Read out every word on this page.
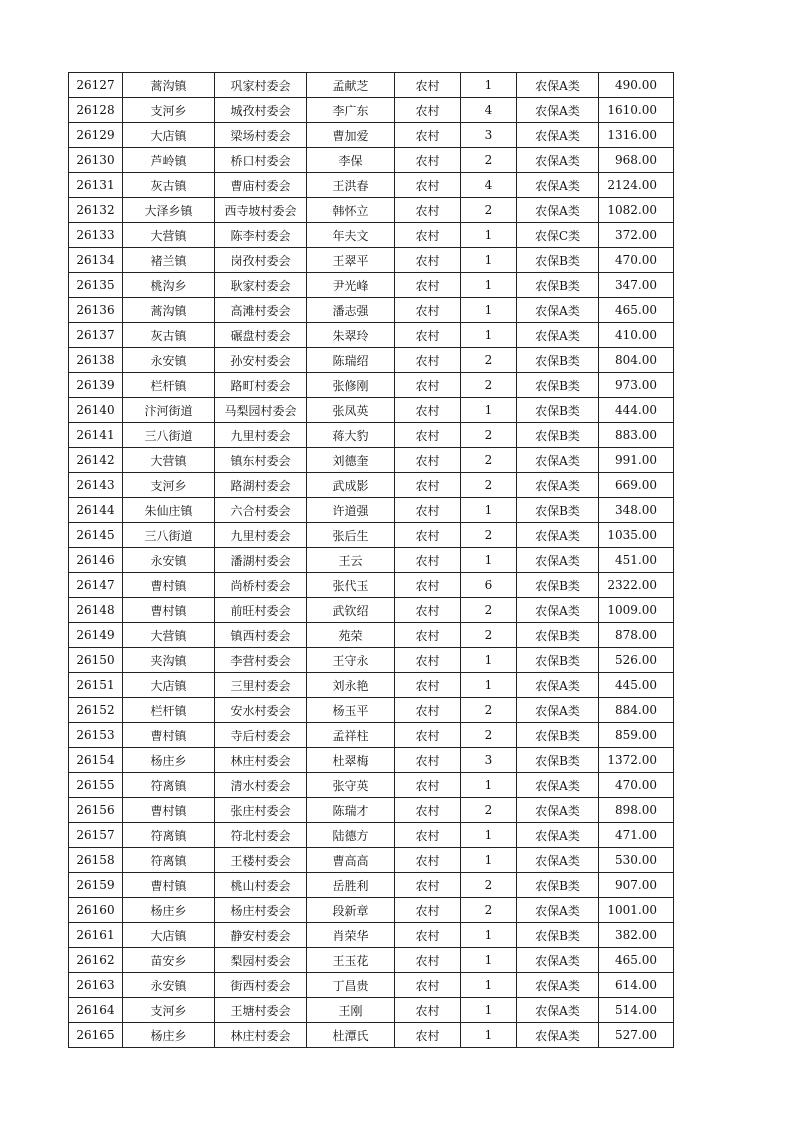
26127	蒿沟镇	巩家村委会	孟献芝	农村	1	农保A类	490.00
26128	支河乡	城孜村委会	李广东	农村	4	农保A类	1610.00
26129	大店镇	梁场村委会	曹加爱	农村	3	农保A类	1316.00
26130	芦岭镇	桥口村委会	李保	农村	2	农保A类	968.00
26131	灰古镇	曹庙村委会	王洪春	农村	4	农保A类	2124.00
26132	大泽乡镇	西寺坡村委会	韩怀立	农村	2	农保A类	1082.00
26133	大营镇	陈李村委会	年夫文	农村	1	农保C类	372.00
26134	褚兰镇	岗孜村委会	王翠平	农村	1	农保B类	470.00
26135	桃沟乡	耿家村委会	尹光峰	农村	1	农保B类	347.00
26136	蒿沟镇	高滩村委会	潘志强	农村	1	农保A类	465.00
26137	灰古镇	碾盘村委会	朱翠玲	农村	1	农保A类	410.00
26138	永安镇	孙安村委会	陈瑞绍	农村	2	农保B类	804.00
26139	栏杆镇	路町村委会	张修刚	农村	2	农保B类	973.00
26140	汴河街道	马梨园村委会	张凤英	农村	1	农保B类	444.00
26141	三八街道	九里村委会	蒋大豹	农村	2	农保B类	883.00
26142	大营镇	镇东村委会	刘德奎	农村	2	农保A类	991.00
26143	支河乡	路湖村委会	武成影	农村	2	农保A类	669.00
26144	朱仙庄镇	六合村委会	许道强	农村	1	农保B类	348.00
26145	三八街道	九里村委会	张后生	农村	2	农保A类	1035.00
26146	永安镇	潘湖村委会	王云	农村	1	农保A类	451.00
26147	曹村镇	尚桥村委会	张代玉	农村	6	农保B类	2322.00
26148	曹村镇	前旺村委会	武钦绍	农村	2	农保A类	1009.00
26149	大营镇	镇西村委会	苑荣	农村	2	农保B类	878.00
26150	夹沟镇	李营村委会	王守永	农村	1	农保B类	526.00
26151	大店镇	三里村委会	刘永艳	农村	1	农保A类	445.00
26152	栏杆镇	安水村委会	杨玉平	农村	2	农保A类	884.00
26153	曹村镇	寺后村委会	孟祥柱	农村	2	农保B类	859.00
26154	杨庄乡	林庄村委会	杜翠梅	农村	3	农保B类	1372.00
26155	符离镇	清水村委会	张守英	农村	1	农保A类	470.00
26156	曹村镇	张庄村委会	陈瑞才	农村	2	农保A类	898.00
26157	符离镇	符北村委会	陆德方	农村	1	农保A类	471.00
26158	符离镇	王楼村委会	曹高高	农村	1	农保A类	530.00
26159	曹村镇	桃山村委会	岳胜利	农村	2	农保B类	907.00
26160	杨庄乡	杨庄村委会	段新章	农村	2	农保A类	1001.00
26161	大店镇	静安村委会	肖荣华	农村	1	农保B类	382.00
26162	苗安乡	梨园村委会	王玉花	农村	1	农保A类	465.00
26163	永安镇	街西村委会	丁昌贵	农村	1	农保A类	614.00
26164	支河乡	王塘村委会	王刚	农村	1	农保A类	514.00
26165	杨庄乡	林庄村委会	杜潭氏	农村	1	农保A类	527.00
